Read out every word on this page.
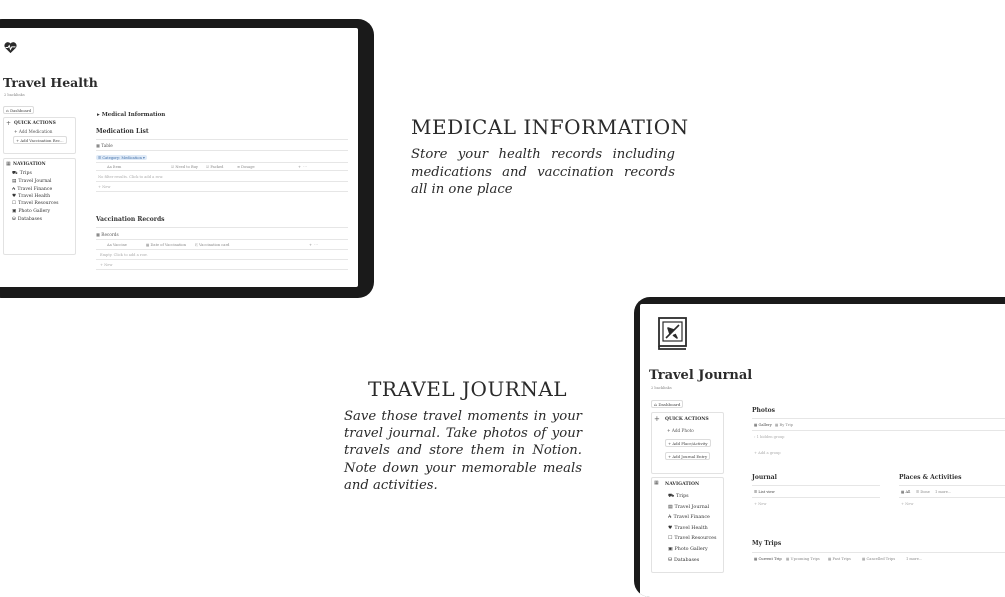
Travel Health
2 backlinks
⌂ Dashboard
+ QUICK ACTIONS
+ Add Medication
+ Add Vaccination Rec...
▦ NAVIGATION
⛟ Trips
▤ Travel Journal
₳ Travel Finance
♥ Travel Health
☐ Travel Resources
▣ Photo Gallery
⛁ Databases
▸ Medical Information
Medication List
▦ Table
☰ Category: Medication ▾
Aa Item	☑ Need to Buy ☑ Packed	≡ Dosage	+  ···
No filter results. Click to add a row.
+ New
Vaccination Records
▦ Records
Aa Vaccine	▦ Date of Vaccination ⎘ Vaccination card	+  ···
Empty. Click to add a row.
+ New
MEDICAL INFORMATION
Store your health records including medications and vaccination records all in one place
TRAVEL JOURNAL
Save those travel moments in your travel journal. Take photos of your travels and store them in Notion. Note down your memorable meals and activities.
Travel Journal
2 backlinks
⌂ Dashboard
+ QUICK ACTIONS
+ Add Photo
+ Add Place/Activity
+ Add Journal Entry
▦ NAVIGATION
⛟ Trips
▤ Travel Journal
₳ Travel Finance
♥ Travel Health
☐ Travel Resources
▣ Photo Gallery
⛁ Databases
Photos
▦ Gallery ▦ By Trip
› 1 hidden group
+ Add a group
Journal
☰ List view
+ New
Places & Activities
▦ All ☰ Done 1 more...
+ New
My Trips
▦ Current Trip ▦ Upcoming Trips ▦ Past Trips	▦ Cancelled Trips	1 more...
